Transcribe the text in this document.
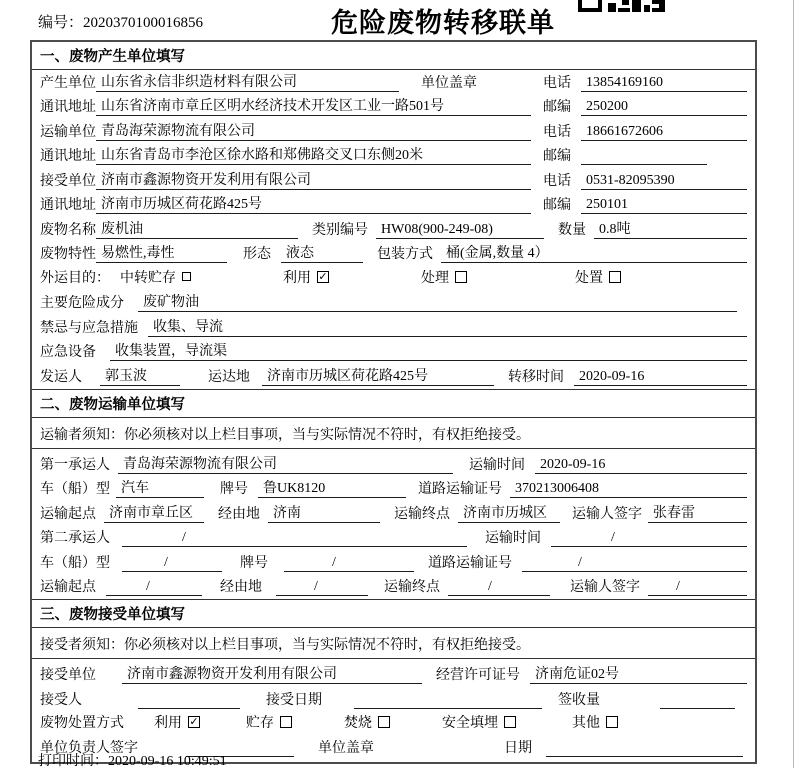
编号：2020370100016856	危险废物转移联单
一、废物产生单位填写
产生单位 山东省永信非织造材料有限公司	单位盖章	电话	13854169160
通讯地址 山东省济南市章丘区明水经济技术开发区工业一路501号	邮编	250200
运输单位 青岛海荣源物流有限公司	电话	18661672606
通讯地址 山东省青岛市李沧区徐水路和郑佛路交叉口东侧20米	邮编
接受单位 济南市鑫源物资开发利用有限公司	电话	0531-82095390
通讯地址 济南市历城区荷花路425号	邮编	250101
废物名称 废机油	类别编号 HW08(900-249-08)	数量 0.8吨
废物特性 易燃性,毒性	形态	液态	包装方式 桶(金属,数量 4）
外运目的： 中转贮存	利用 ✓	处理	处置
主要危险成分	废矿物油
禁忌与应急措施	收集、导流
应急设备	收集装置，导流渠
发运人	郭玉波	运达地	济南市历城区荷花路425号	转移时间	2020-09-16
二、废物运输单位填写
运输者须知：你必须核对以上栏目事项，当与实际情况不符时，有权拒绝接受。
第一承运人 青岛海荣源物流有限公司	运输时间	2020-09-16
车（船）型 汽车	牌号	鲁UK8120	道路运输证号 370213006408
运输起点 济南市章丘区	经由地 济南	运输终点 济南市历城区	运输人签字 张春雷
第二承运人	/	运输时间	/
车（船）型	/	牌号	/	道路运输证号	/
运输起点	/	经由地	/	运输终点	/	运输人签字	/
三、废物接受单位填写
接受者须知：你必须核对以上栏目事项，当与实际情况不符时，有权拒绝接受。
接受单位	济南市鑫源物资开发利用有限公司	经营许可证号	济南危证02号
接受人	接受日期	签收量
废物处置方式 利用 ✓	贮存	焚烧	安全填埋	其他
单位负责人签字	单位盖章	日期
打印时间：2020-09-16 10:49:51
